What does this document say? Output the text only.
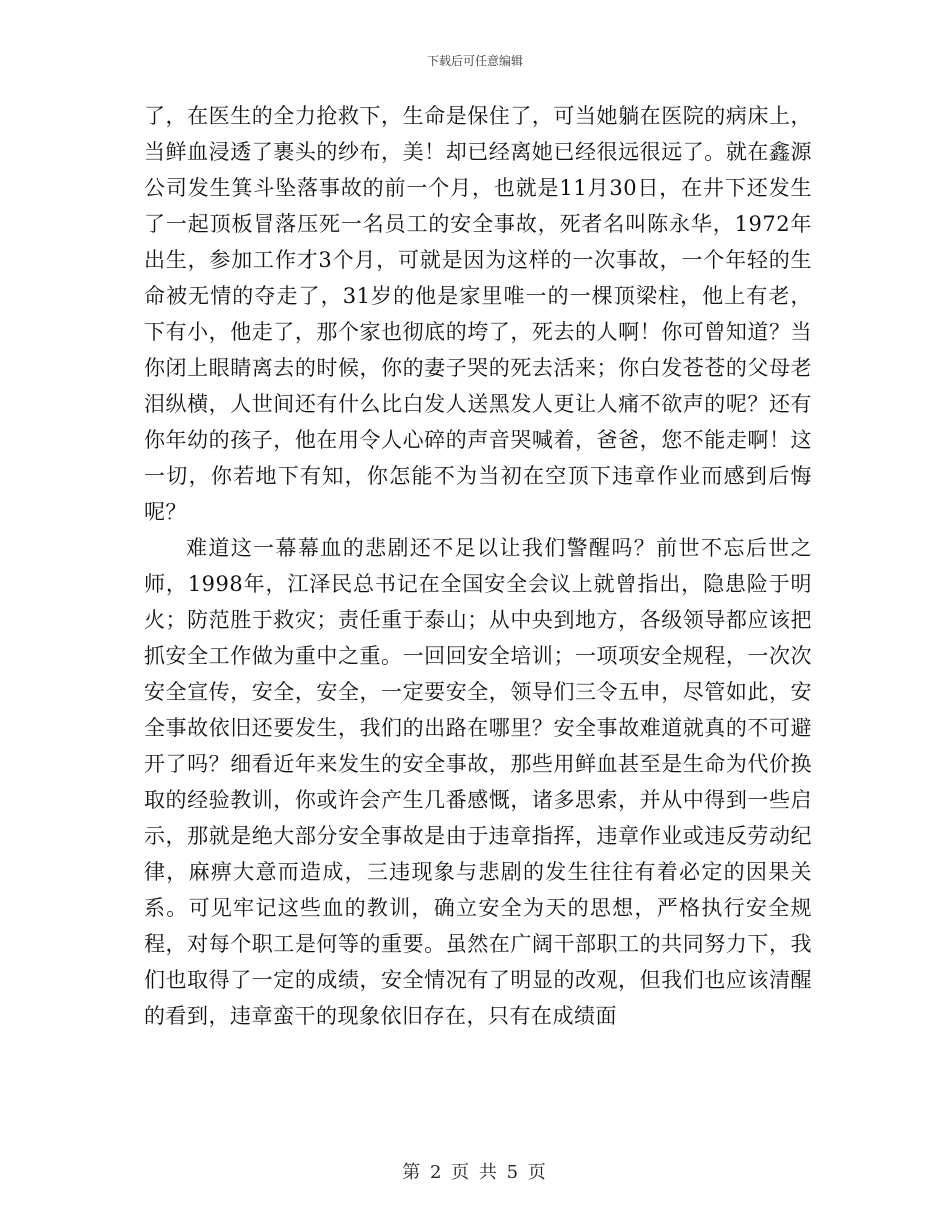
下载后可任意编辑

了，在医生的全力抢救下，生命是保住了，可当她躺在医院的病床上，当鲜血浸透了裹头的纱布，美！却已经离她已经很远很远了。就在鑫源公司发生箕斗坠落事故的前一个月，也就是11月30日，在井下还发生了一起顶板冒落压死一名员工的安全事故，死者名叫陈永华，1972年出生，参加工作才3个月，可就是因为这样的一次事故，一个年轻的生命被无情的夺走了，31岁的他是家里唯一的一棵顶梁柱，他上有老，下有小，他走了，那个家也彻底的垮了，死去的人啊！你可曾知道？当你闭上眼睛离去的时候，你的妻子哭的死去活来；你白发苍苍的父母老泪纵横，人世间还有什么比白发人送黑发人更让人痛不欲声的呢？还有你年幼的孩子，他在用令人心碎的声音哭喊着，爸爸，您不能走啊！这一切，你若地下有知，你怎能不为当初在空顶下违章作业而感到后悔呢？

难道这一幕幕血的悲剧还不足以让我们警醒吗？前世不忘后世之师，1998年，江泽民总书记在全国安全会议上就曾指出，隐患险于明火；防范胜于救灾；责任重于泰山；从中央到地方，各级领导都应该把抓安全工作做为重中之重。一回回安全培训；一项项安全规程，一次次安全宣传，安全，安全，一定要安全，领导们三令五申，尽管如此，安全事故依旧还要发生，我们的出路在哪里？安全事故难道就真的不可避开了吗？细看近年来发生的安全事故，那些用鲜血甚至是生命为代价换取的经验教训，你或许会产生几番感慨，诸多思索，并从中得到一些启示，那就是绝大部分安全事故是由于违章指挥，违章作业或违反劳动纪律，麻痹大意而造成，三违现象与悲剧的发生往往有着必定的因果关系。可见牢记这些血的教训，确立安全为天的思想，严格执行安全规程，对每个职工是何等的重要。虽然在广阔干部职工的共同努力下，我们也取得了一定的成绩，安全情况有了明显的改观，但我们也应该清醒的看到，违章蛮干的现象依旧存在，只有在成绩面

第 2 页 共 5 页
